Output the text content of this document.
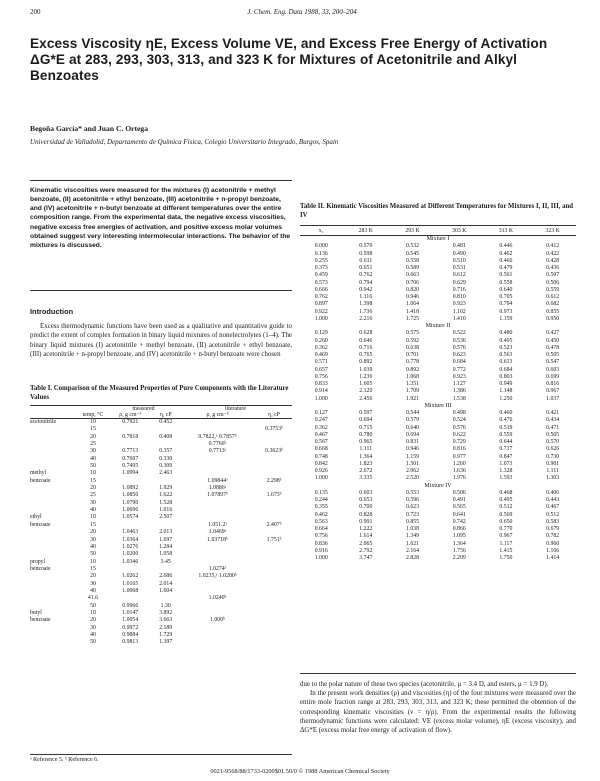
200	J. Chem. Eng. Data 1988, 33, 200–204
Excess Viscosity ηE, Excess Volume VE, and Excess Free Energy of Activation ΔG*E at 283, 293, 303, 313, and 323 K for Mixtures of Acetonitrile and Alkyl Benzoates
Begoña García* and Juan C. Ortega
Universidad de Valladolid, Departamento de Química Física, Colegio Universitario Integrado, Burgos, Spain
Kinematic viscosities were measured for the mixtures (I) acetonitrile + methyl benzoate, (II) acetonitrile + ethyl benzoate, (III) acetonitrile + n-propyl benzoate, and (IV) acetonitrile + n-butyl benzoate at different temperatures over the entire composition range. From the experimental data, the negative excess viscosities, negative excess free energies of activation, and positive excess molar volumes obtained suggest very interesting intermolecular interactions. The behavior of the mixtures is discussed.
Introduction

Excess thermodynamic functions have been used as a qualitative and quantitative guide to predict the extent of complex formation in binary liquid mixtures of nonelectrolytes (1–4). The binary liquid mixtures (I) acetonitrile + methyl benzoate, (II) acetonitrile + ethyl benzoate, (III) acetonitrile + n-propyl benzoate, and (IV) acetonitrile + n-butyl benzoate were chosen

Table I. Comparison of the Measured Properties of Pure Components with the Literature Values
		measured		literature	
	temp, °C	ρ, g cm⁻³	η, cP	ρ, g cm⁻³	η, cP
acetonitrile	10	0.7921	0.452		
	15				0.3753ᵇ
	20	0.7818	0.408	0.7822,ᵃ 0.7857ᵇ	
	25			0.7766ᵇ	
	30	0.7713	0.357	0.7713ᵃ	0.3623ᵇ
	40	0.7607	0.330		
	50	0.7495	0.309		
methyl	10	1.0994	2.463		
benzoate	15			1.09844ᵃ	2.298ᵇ
	20	1.0892	1.929	1.0886ᵃ	
	25	1.0850	1.622	1.07897ᵇ	1.673ᵇ
	30	1.0790	1.528		
	40	1.0696	1.016		
ethyl	10	1.0574	2.507		
benzoate	15			1.051.2ᵃ	2.407ᵇ
	20	1.0463	2.013	1.0469ᵃ	
	30	1.0364	1.697	1.03718ᵇ	1.751ᵇ
	40	1.0276	1.284		
	50	1.0200	1.058		
propyl	10	1.0346	3.45		
benzoate	15			1.0274ᵃ	
	20	1.0262	2.686	1.0235,ᵃ 1.0280ᵇ	
	30	1.0165	2.014		
	40	1.0068	1.604		
	41.6			1.0240ᵇ	
	50	0.9966	1.30		
butyl	10	1.0147	3.892		
benzoate	20	1.0054	3.663	1.000ᵇ	
	30	0.9972	2.189		
	40	0.9884	1.729		
	50	0.9813	1.397		
ᵃ Reference 5. ᵇ Reference 6.
Table II. Kinematic Viscosities Measured at Different Temperatures for Mixtures I, II, III, and IV
x₁	283 K	293 K	303 K	313 K	323 K
Mixture I					
0.000	0.570	0.532	0.481	0.446	0.412
0.136	0.598	0.545	0.490	0.462	0.422
0.255	0.611	0.558	0.510	0.466	0.428
0.373	0.651	0.589	0.531	0.479	0.436
0.459	0.762	0.663	0.612	0.561	0.507
0.573	0.794	0.706	0.629	0.558	0.506
0.666	0.942	0.820	0.716	0.640	0.559
0.762	1.116	0.946	0.810	0.705	0.612
0.897	1.398	1.064	0.923	0.794	0.682
0.922	1.736	1.418	1.102	0.973	0.855
1.000	2.216	1.725	1.410	1.159	0.950
Mixture II					
0.129	0.628	0.575	0.522	0.480	0.427
0.260	0.646	0.592	0.536	0.495	0.450
0.362	0.716	0.638	0.576	0.523	0.478
0.469	0.765	0.701	0.623	0.563	0.505
0.571	0.892	0.778	0.684	0.613	0.547
0.657	1.039	0.892	0.772	0.684	0.603
0.756	1.236	1.068	0.923	0.803	0.699
0.833	1.605	1.351	1.127	0.949	0.816
0.914	2.120	1.709	1.386	1.148	0.967
1.000	2.456	1.921	1.538	1.250	1.037
Mixture III					
0.127	0.597	0.544	0.498	0.460	0.421
0.247	0.694	0.579	0.524	0.476	0.434
0.362	0.715	0.640	0.576	0.519	0.471
0.467	0.780	0.694	0.622	0.559	0.505
0.567	0.965	0.831	0.729	0.644	0.570
0.668	1.111	0.946	0.816	0.717	0.626
0.748	1.364	1.159	0.977	0.847	0.730
0.842	1.823	1.501	1.260	1.073	0.901
0.926	2.672	2.062	1.636	1.328	1.111
1.000	3.335	2.520	1.976	1.593	1.303
Mixture IV					
0.135	0.603	0.553	0.506	0.468	0.406
0.244	0.653	0.596	0.491	0.495	0.443
0.355	0.700	0.623	0.565	0.512	0.467
0.462	0.828	0.723	0.641	0.569	0.512
0.563	0.991	0.855	0.742	0.650	0.583
0.664	1.222	1.038	0.866	0.770	0.679
0.756	1.614	1.349	1.095	0.967	0.782
0.836	2.065	1.621	1.364	1.117	0.960
0.916	2.792	2.164	1.756	1.415	1.166
1.000	3.747	2.828	2.209	1.750	1.414

due to the polar nature of these two species (acetonitrile, μ = 3.4 D, and esters, μ = 1.9 D).

In the present work densities (ρ) and viscosities (η) of the four mixtures were measured over the entire mole fraction range at 283, 293, 303, 313, and 323 K; these permitted the obtention of the corresponding kinematic viscosities (ν = η/ρ). From the experimental results the following thermodynamic functions were calculated: VE (excess molar volume), ηE (excess viscosity), and ΔG*E (excess molar free energy of activation of flow).

0021-9568/88/1733-0200$01.50/0 © 1988 American Chemical Society
